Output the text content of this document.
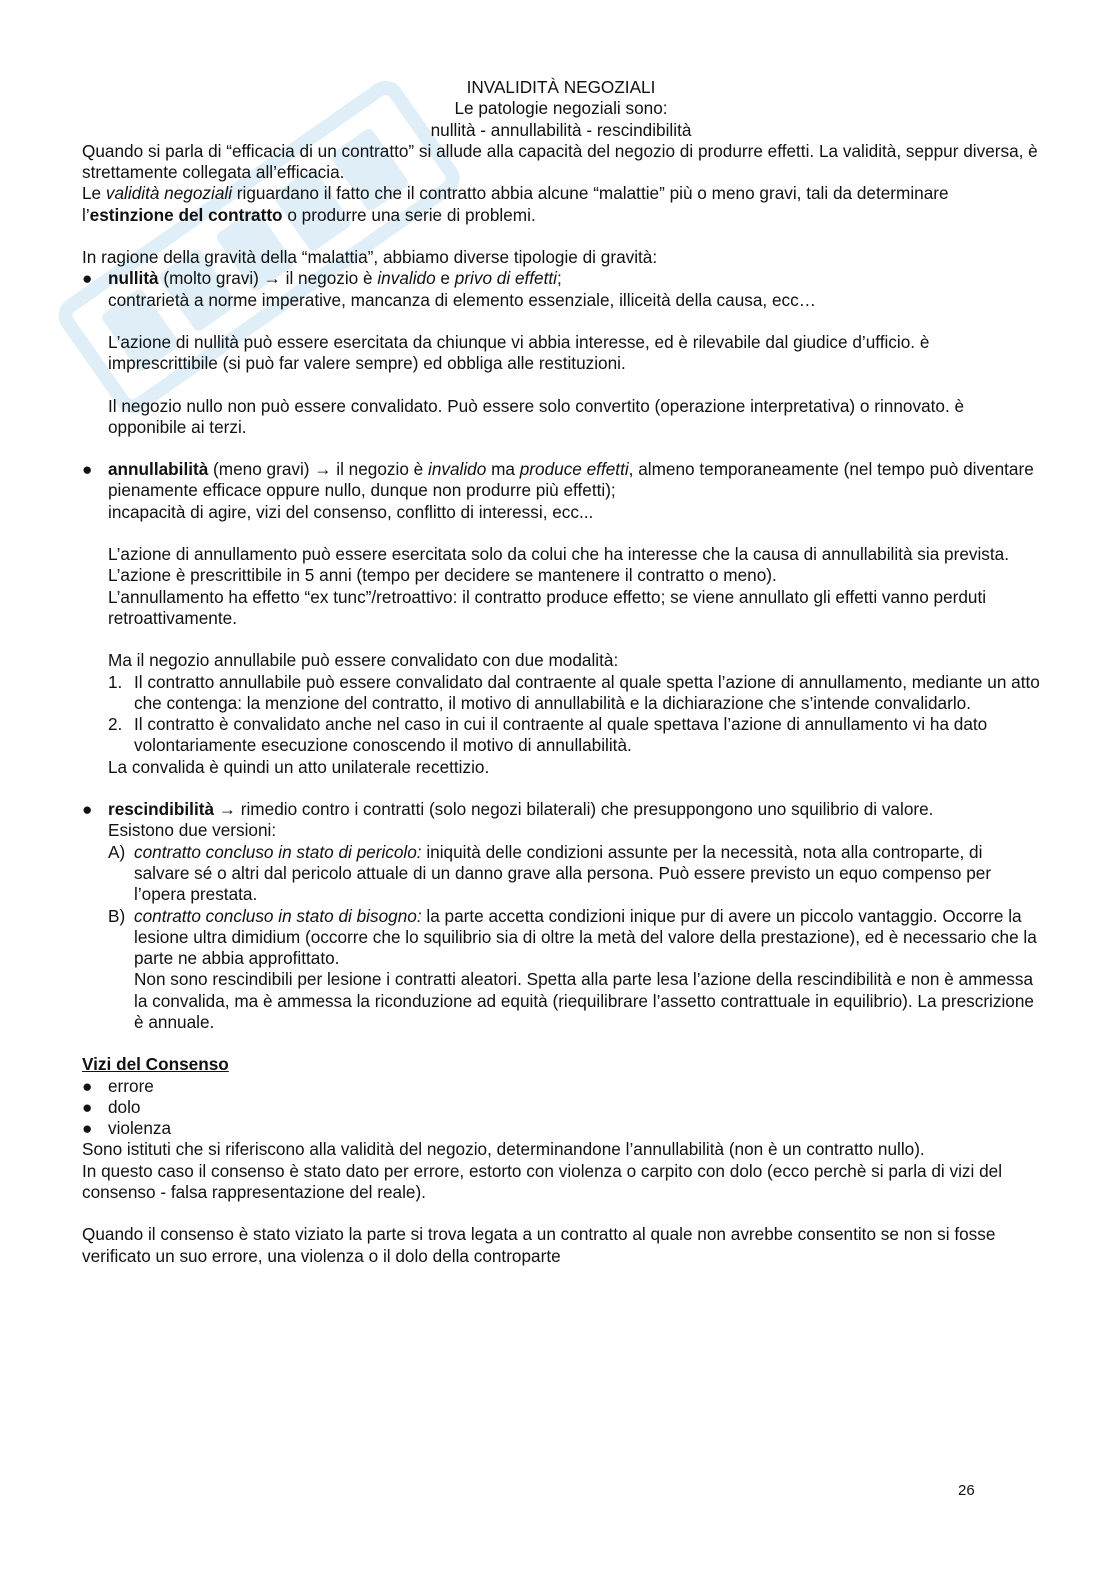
INVALIDITÀ NEGOZIALI

Le patologie negoziali sono:

nullità - annullabilità - rescindibilità

Quando si parla di “efficacia di un contratto” si allude alla capacità del negozio di produrre effetti. La validità, seppur diversa, è strettamente collegata all’efficacia.

Le validità negoziali riguardano il fatto che il contratto abbia alcune “malattie” più o meno gravi, tali da determinare l’estinzione del contratto o produrre una serie di problemi.

In ragione della gravità della “malattia”, abbiamo diverse tipologie di gravità:

● nullità (molto gravi) → il negozio è invalido e privo di effetti;

contrarietà a norme imperative, mancanza di elemento essenziale, illiceità della causa, ecc…

L’azione di nullità può essere esercitata da chiunque vi abbia interesse, ed è rilevabile dal giudice d’ufficio. è imprescrittibile (si può far valere sempre) ed obbliga alle restituzioni.

Il negozio nullo non può essere convalidato. Può essere solo convertito (operazione interpretativa) o rinnovato. è opponibile ai terzi.

● annullabilità (meno gravi) → il negozio è invalido ma produce effetti, almeno temporaneamente (nel tempo può diventare pienamente efficace oppure nullo, dunque non produrre più effetti);

incapacità di agire, vizi del consenso, conflitto di interessi, ecc...

L’azione di annullamento può essere esercitata solo da colui che ha interesse che la causa di annullabilità sia prevista.

L’azione è prescrittibile in 5 anni (tempo per decidere se mantenere il contratto o meno).

L’annullamento ha effetto “ex tunc”/retroattivo: il contratto produce effetto; se viene annullato gli effetti vanno perduti retroattivamente.

Ma il negozio annullabile può essere convalidato con due modalità:

1. Il contratto annullabile può essere convalidato dal contraente al quale spetta l’azione di annullamento, mediante un atto che contenga: la menzione del contratto, il motivo di annullabilità e la dichiarazione che s’intende convalidarlo.

2. Il contratto è convalidato anche nel caso in cui il contraente al quale spettava l’azione di annullamento vi ha dato volontariamente esecuzione conoscendo il motivo di annullabilità.

La convalida è quindi un atto unilaterale recettizio.

● rescindibilità → rimedio contro i contratti (solo negozi bilaterali) che presuppongono uno squilibrio di valore.

Esistono due versioni:

A) contratto concluso in stato di pericolo: iniquità delle condizioni assunte per la necessità, nota alla controparte, di salvare sé o altri dal pericolo attuale di un danno grave alla persona. Può essere previsto un equo compenso per l’opera prestata.

B) contratto concluso in stato di bisogno: la parte accetta condizioni inique pur di avere un piccolo vantaggio. Occorre la lesione ultra dimidium (occorre che lo squilibrio sia di oltre la metà del valore della prestazione), ed è necessario che la parte ne abbia approfittato.

Non sono rescindibili per lesione i contratti aleatori. Spetta alla parte lesa l’azione della rescindibilità e non è ammessa la convalida, ma è ammessa la riconduzione ad equità (riequilibrare l’assetto contrattuale in equilibrio). La prescrizione è annuale.

Vizi del Consenso

● errore
● dolo
● violenza

Sono istituti che si riferiscono alla validità del negozio, determinandone l’annullabilità (non è un contratto nullo).

In questo caso il consenso è stato dato per errore, estorto con violenza o carpito con dolo (ecco perchè si parla di vizi del consenso - falsa rappresentazione del reale).

Quando il consenso è stato viziato la parte si trova legata a un contratto al quale non avrebbe consentito se non si fosse verificato un suo errore, una violenza o il dolo della controparte

26
